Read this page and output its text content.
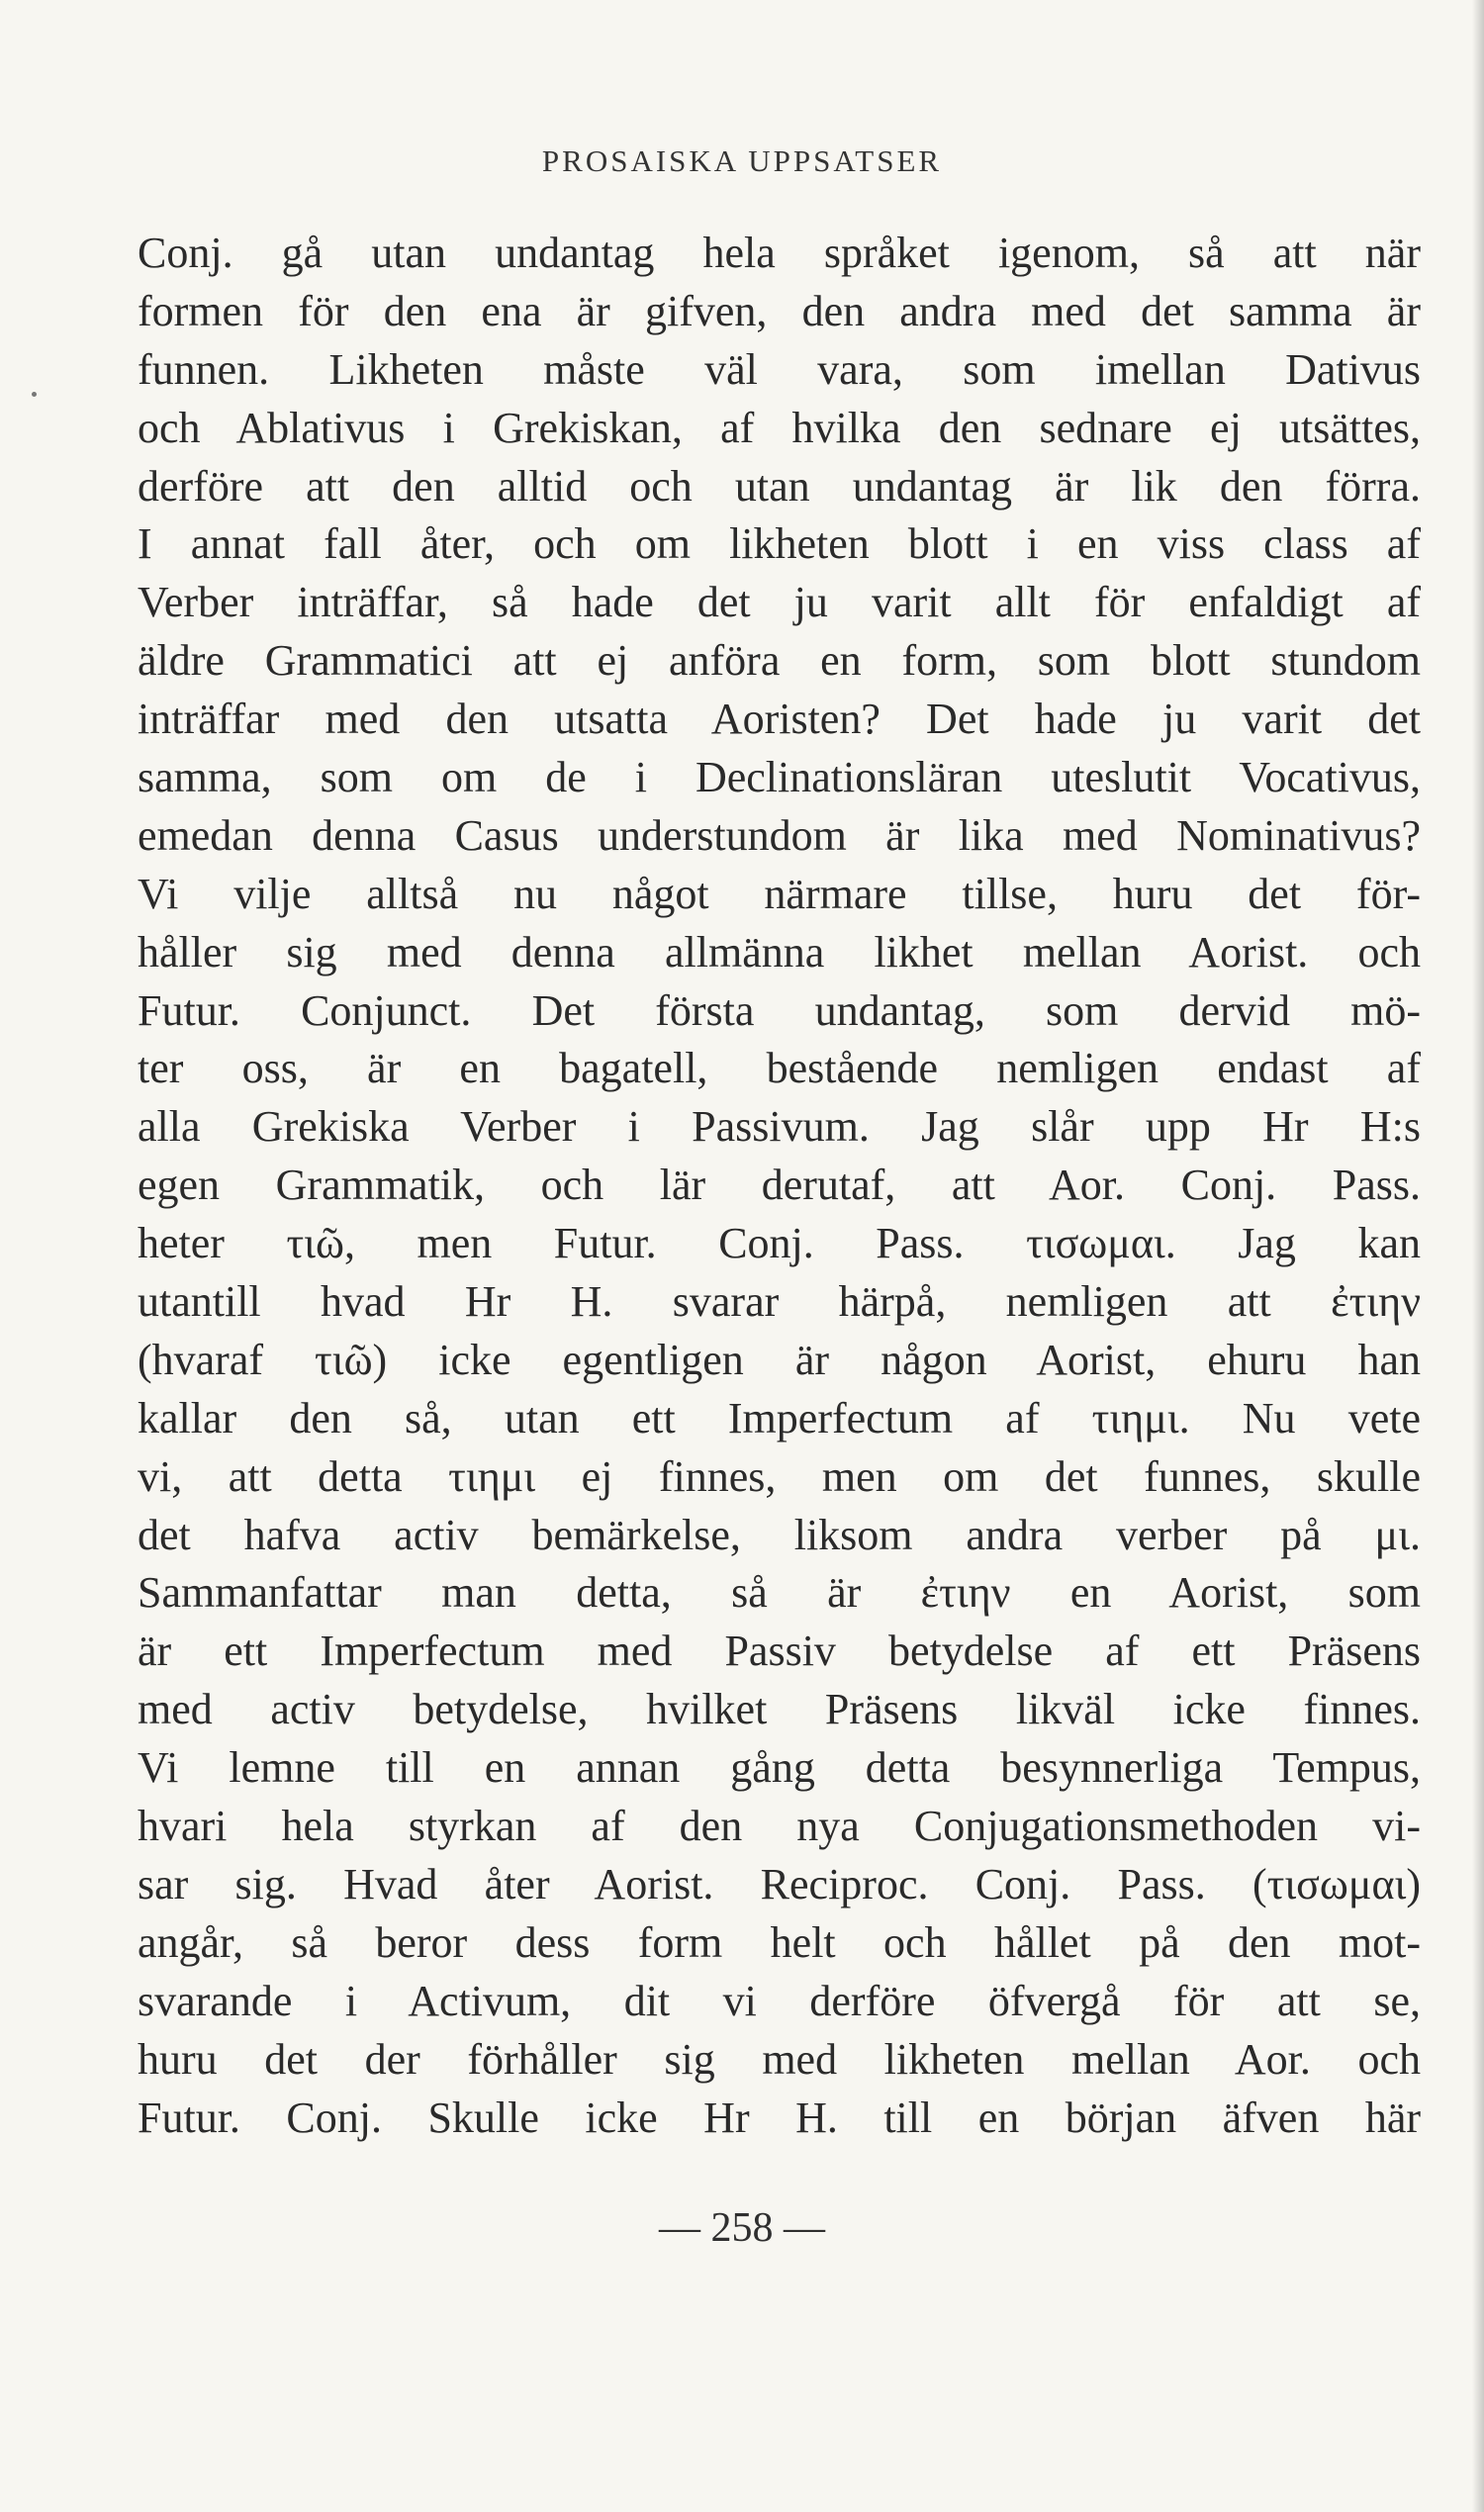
PROSAISKA UPPSATSER
Conj. gå utan undantag hela språket igenom, så att när
formen för den ena är gifven, den andra med det samma är
funnen. Likheten måste väl vara, som imellan Dativus
och Ablativus i Grekiskan, af hvilka den sednare ej utsättes,
derföre att den alltid och utan undantag är lik den förra.
I annat fall åter, och om likheten blott i en viss class af
Verber inträffar, så hade det ju varit allt för enfaldigt af
äldre Grammatici att ej anföra en form, som blott stundom
inträffar med den utsatta Aoristen? Det hade ju varit det
samma, som om de i Declinationsläran uteslutit Vocativus,
emedan denna Casus understundom är lika med Nominativus?
Vi vilje alltså nu något närmare tillse, huru det för-
håller sig med denna allmänna likhet mellan Aorist. och
Futur. Conjunct. Det första undantag, som dervid mö-
ter oss, är en bagatell, bestående nemligen endast af
alla Grekiska Verber i Passivum. Jag slår upp Hr H:s
egen Grammatik, och lär derutaf, att Aor. Conj. Pass.
heter τιῶ, men Futur. Conj. Pass. τισωμαι. Jag kan
utantill hvad Hr H. svarar härpå, nemligen att ἐτιην
(hvaraf τιῶ) icke egentligen är någon Aorist, ehuru han
kallar den så, utan ett Imperfectum af τιημι. Nu vete
vi, att detta τιημι ej finnes, men om det funnes, skulle
det hafva activ bemärkelse, liksom andra verber på μι.
Sammanfattar man detta, så är ἐτιην en Aorist, som
är ett Imperfectum med Passiv betydelse af ett Präsens
med activ betydelse, hvilket Präsens likväl icke finnes.
Vi lemne till en annan gång detta besynnerliga Tempus,
hvari hela styrkan af den nya Conjugationsmethoden vi-
sar sig. Hvad åter Aorist. Reciproc. Conj. Pass. (τισωμαι)
angår, så beror dess form helt och hållet på den mot-
svarande i Activum, dit vi derföre öfvergå för att se,
huru det der förhåller sig med likheten mellan Aor. och
Futur. Conj. Skulle icke Hr H. till en början äfven här
— 258 —
